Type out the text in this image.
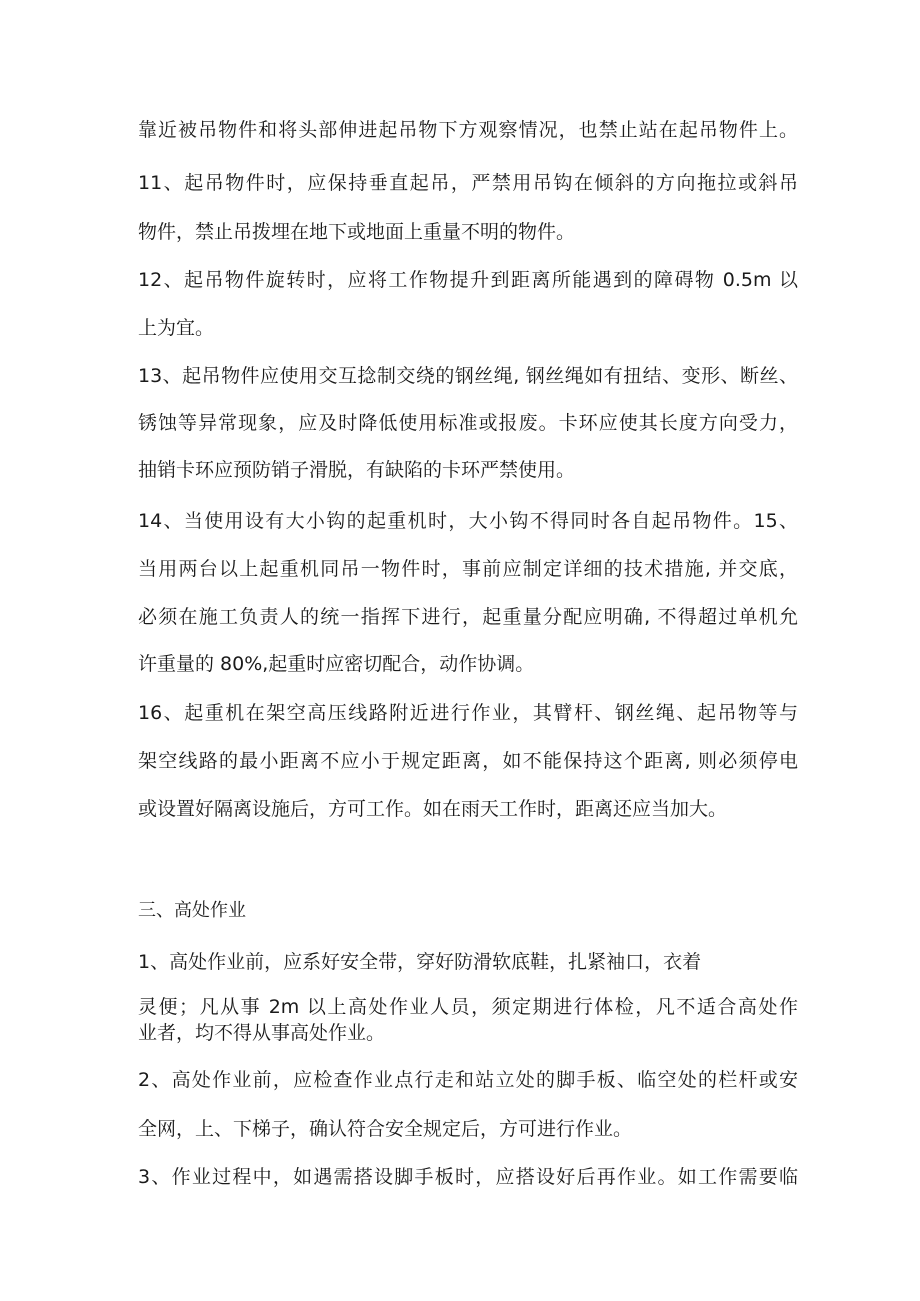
靠近被吊物件和将头部伸进起吊物下方观察情况，也禁止站在起吊物件上。
11、起吊物件时，应保持垂直起吊，严禁用吊钩在倾斜的方向拖拉或斜吊
物件，禁止吊拨埋在地下或地面上重量不明的物件。
12、起吊物件旋转时，应将工作物提升到距离所能遇到的障碍物 0.5m 以
上为宜。
13、起吊物件应使用交互捻制交绕的钢丝绳, 钢丝绳如有扭结、变形、断丝、
锈蚀等异常现象，应及时降低使用标准或报废。卡环应使其长度方向受力，
抽销卡环应预防销子滑脱，有缺陷的卡环严禁使用。
14、当使用设有大小钩的起重机时，大小钩不得同时各自起吊物件。15、
当用两台以上起重机同吊一物件时，事前应制定详细的技术措施, 并交底，
必须在施工负责人的统一指挥下进行，起重量分配应明确, 不得超过单机允
许重量的 80%,起重时应密切配合，动作协调。
16、起重机在架空高压线路附近进行作业，其臂杆、钢丝绳、起吊物等与
架空线路的最小距离不应小于规定距离，如不能保持这个距离, 则必须停电
或设置好隔离设施后，方可工作。如在雨天工作时，距离还应当加大。
三、高处作业
1、高处作业前，应系好安全带，穿好防滑软底鞋，扎紧袖口，衣着
灵便；凡从事 2m 以上高处作业人员，须定期进行体检，凡不适合高处作
业者，均不得从事高处作业。
2、高处作业前，应检查作业点行走和站立处的脚手板、临空处的栏杆或安
全网，上、下梯子，确认符合安全规定后，方可进行作业。
3、作业过程中，如遇需搭设脚手板时，应搭设好后再作业。如工作需要临
